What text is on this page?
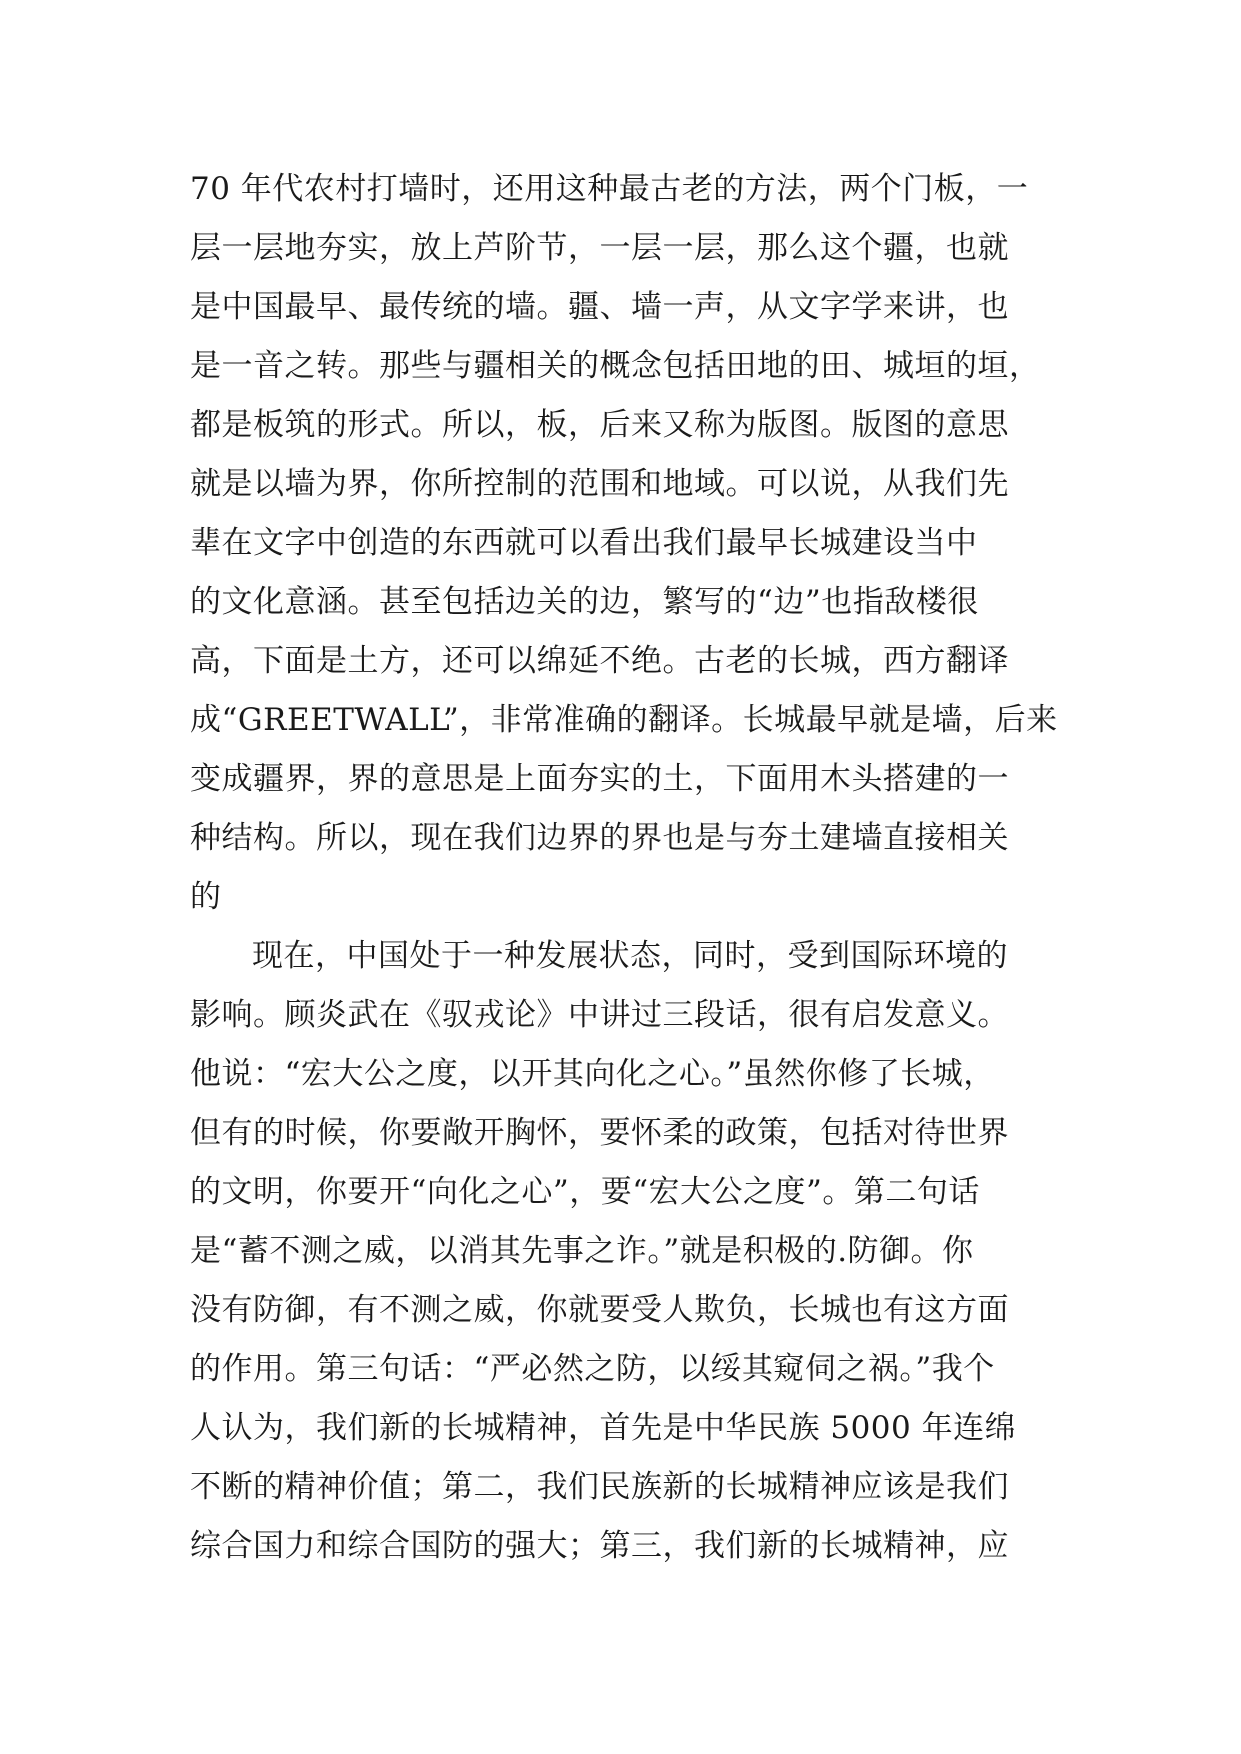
70 年代农村打墙时，还用这种最古老的方法，两个门板，一
层一层地夯实，放上芦阶节，一层一层，那么这个疆，也就
是中国最早、最传统的墙。疆、墙一声，从文字学来讲，也
是一音之转。那些与疆相关的概念包括田地的田、城垣的垣，
都是板筑的形式。所以，板，后来又称为版图。版图的意思
就是以墙为界，你所控制的范围和地域。可以说，从我们先
辈在文字中创造的东西就可以看出我们最早长城建设当中
的文化意涵。甚至包括边关的边，繁写的“边”也指敌楼很
高，下面是土方，还可以绵延不绝。古老的长城，西方翻译
成“GREETWALL”，非常准确的翻译。长城最早就是墙，后来
变成疆界，界的意思是上面夯实的土，下面用木头搭建的一
种结构。所以，现在我们边界的界也是与夯土建墙直接相关
的
现在，中国处于一种发展状态，同时，受到国际环境的
影响。顾炎武在《驭戎论》中讲过三段话，很有启发意义。
他说：“宏大公之度，以开其向化之心。”虽然你修了长城，
但有的时候，你要敞开胸怀，要怀柔的政策，包括对待世界
的文明，你要开“向化之心”，要“宏大公之度”。第二句话
是“蓄不测之威，以消其先事之诈。”就是积极的.防御。你
没有防御，有不测之威，你就要受人欺负，长城也有这方面
的作用。第三句话：“严必然之防，以绥其窥伺之祸。”我个
人认为，我们新的长城精神，首先是中华民族 5000 年连绵
不断的精神价值；第二，我们民族新的长城精神应该是我们
综合国力和综合国防的强大；第三，我们新的长城精神，应
